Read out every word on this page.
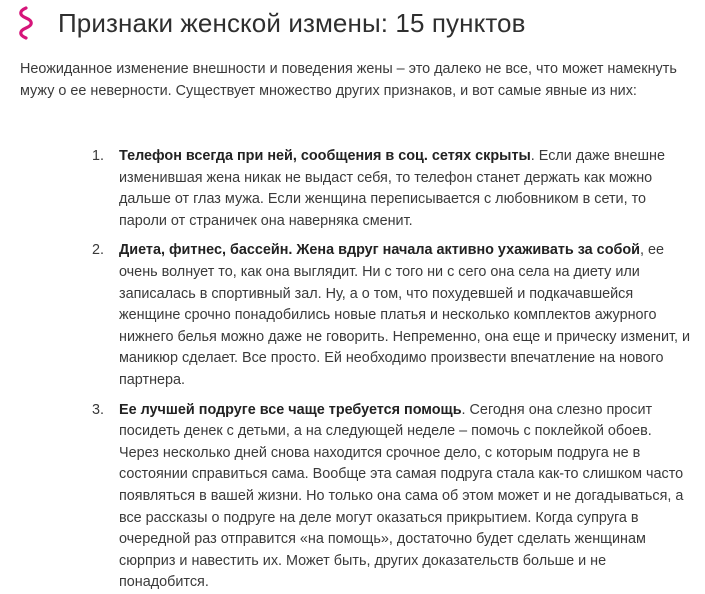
Признаки женской измены: 15 пунктов

Неожиданное изменение внешности и поведения жены – это далеко не все, что может намекнуть мужу о ее неверности. Существует множество других признаков, и вот самые явные из них:

1.	Телефон всегда при ней, сообщения в соц. сетях скрыты. Если даже внешне изменившая жена никак не выдаст себя, то телефон станет держать как можно дальше от глаз мужа. Если женщина переписывается с любовником в сети, то пароли от страничек она наверняка сменит.
2.	Диета, фитнес, бассейн. Жена вдруг начала активно ухаживать за собой, ее очень волнует то, как она выглядит. Ни с того ни с сего она села на диету или записалась в спортивный зал. Ну, а о том, что похудевшей и подкачавшейся женщине срочно понадобились новые платья и несколько комплектов ажурного нижнего белья можно даже не говорить. Непременно, она еще и прическу изменит, и маникюр сделает. Все просто. Ей необходимо произвести впечатление на нового партнера.
3.	Ее лучшей подруге все чаще требуется помощь. Сегодня она слезно просит посидеть денек с детьми, а на следующей неделе – помочь с поклейкой обоев. Через несколько дней снова находится срочное дело, с которым подруга не в состоянии справиться сама. Вообще эта самая подруга стала как-то слишком часто появляться в вашей жизни. Но только она сама об этом может и не догадываться, а все рассказы о подруге на деле могут оказаться прикрытием. Когда супруга в очередной раз отправится «на помощь», достаточно будет сделать женщинам сюрприз и навестить их. Может быть, других доказательств больше и не понадобится.
